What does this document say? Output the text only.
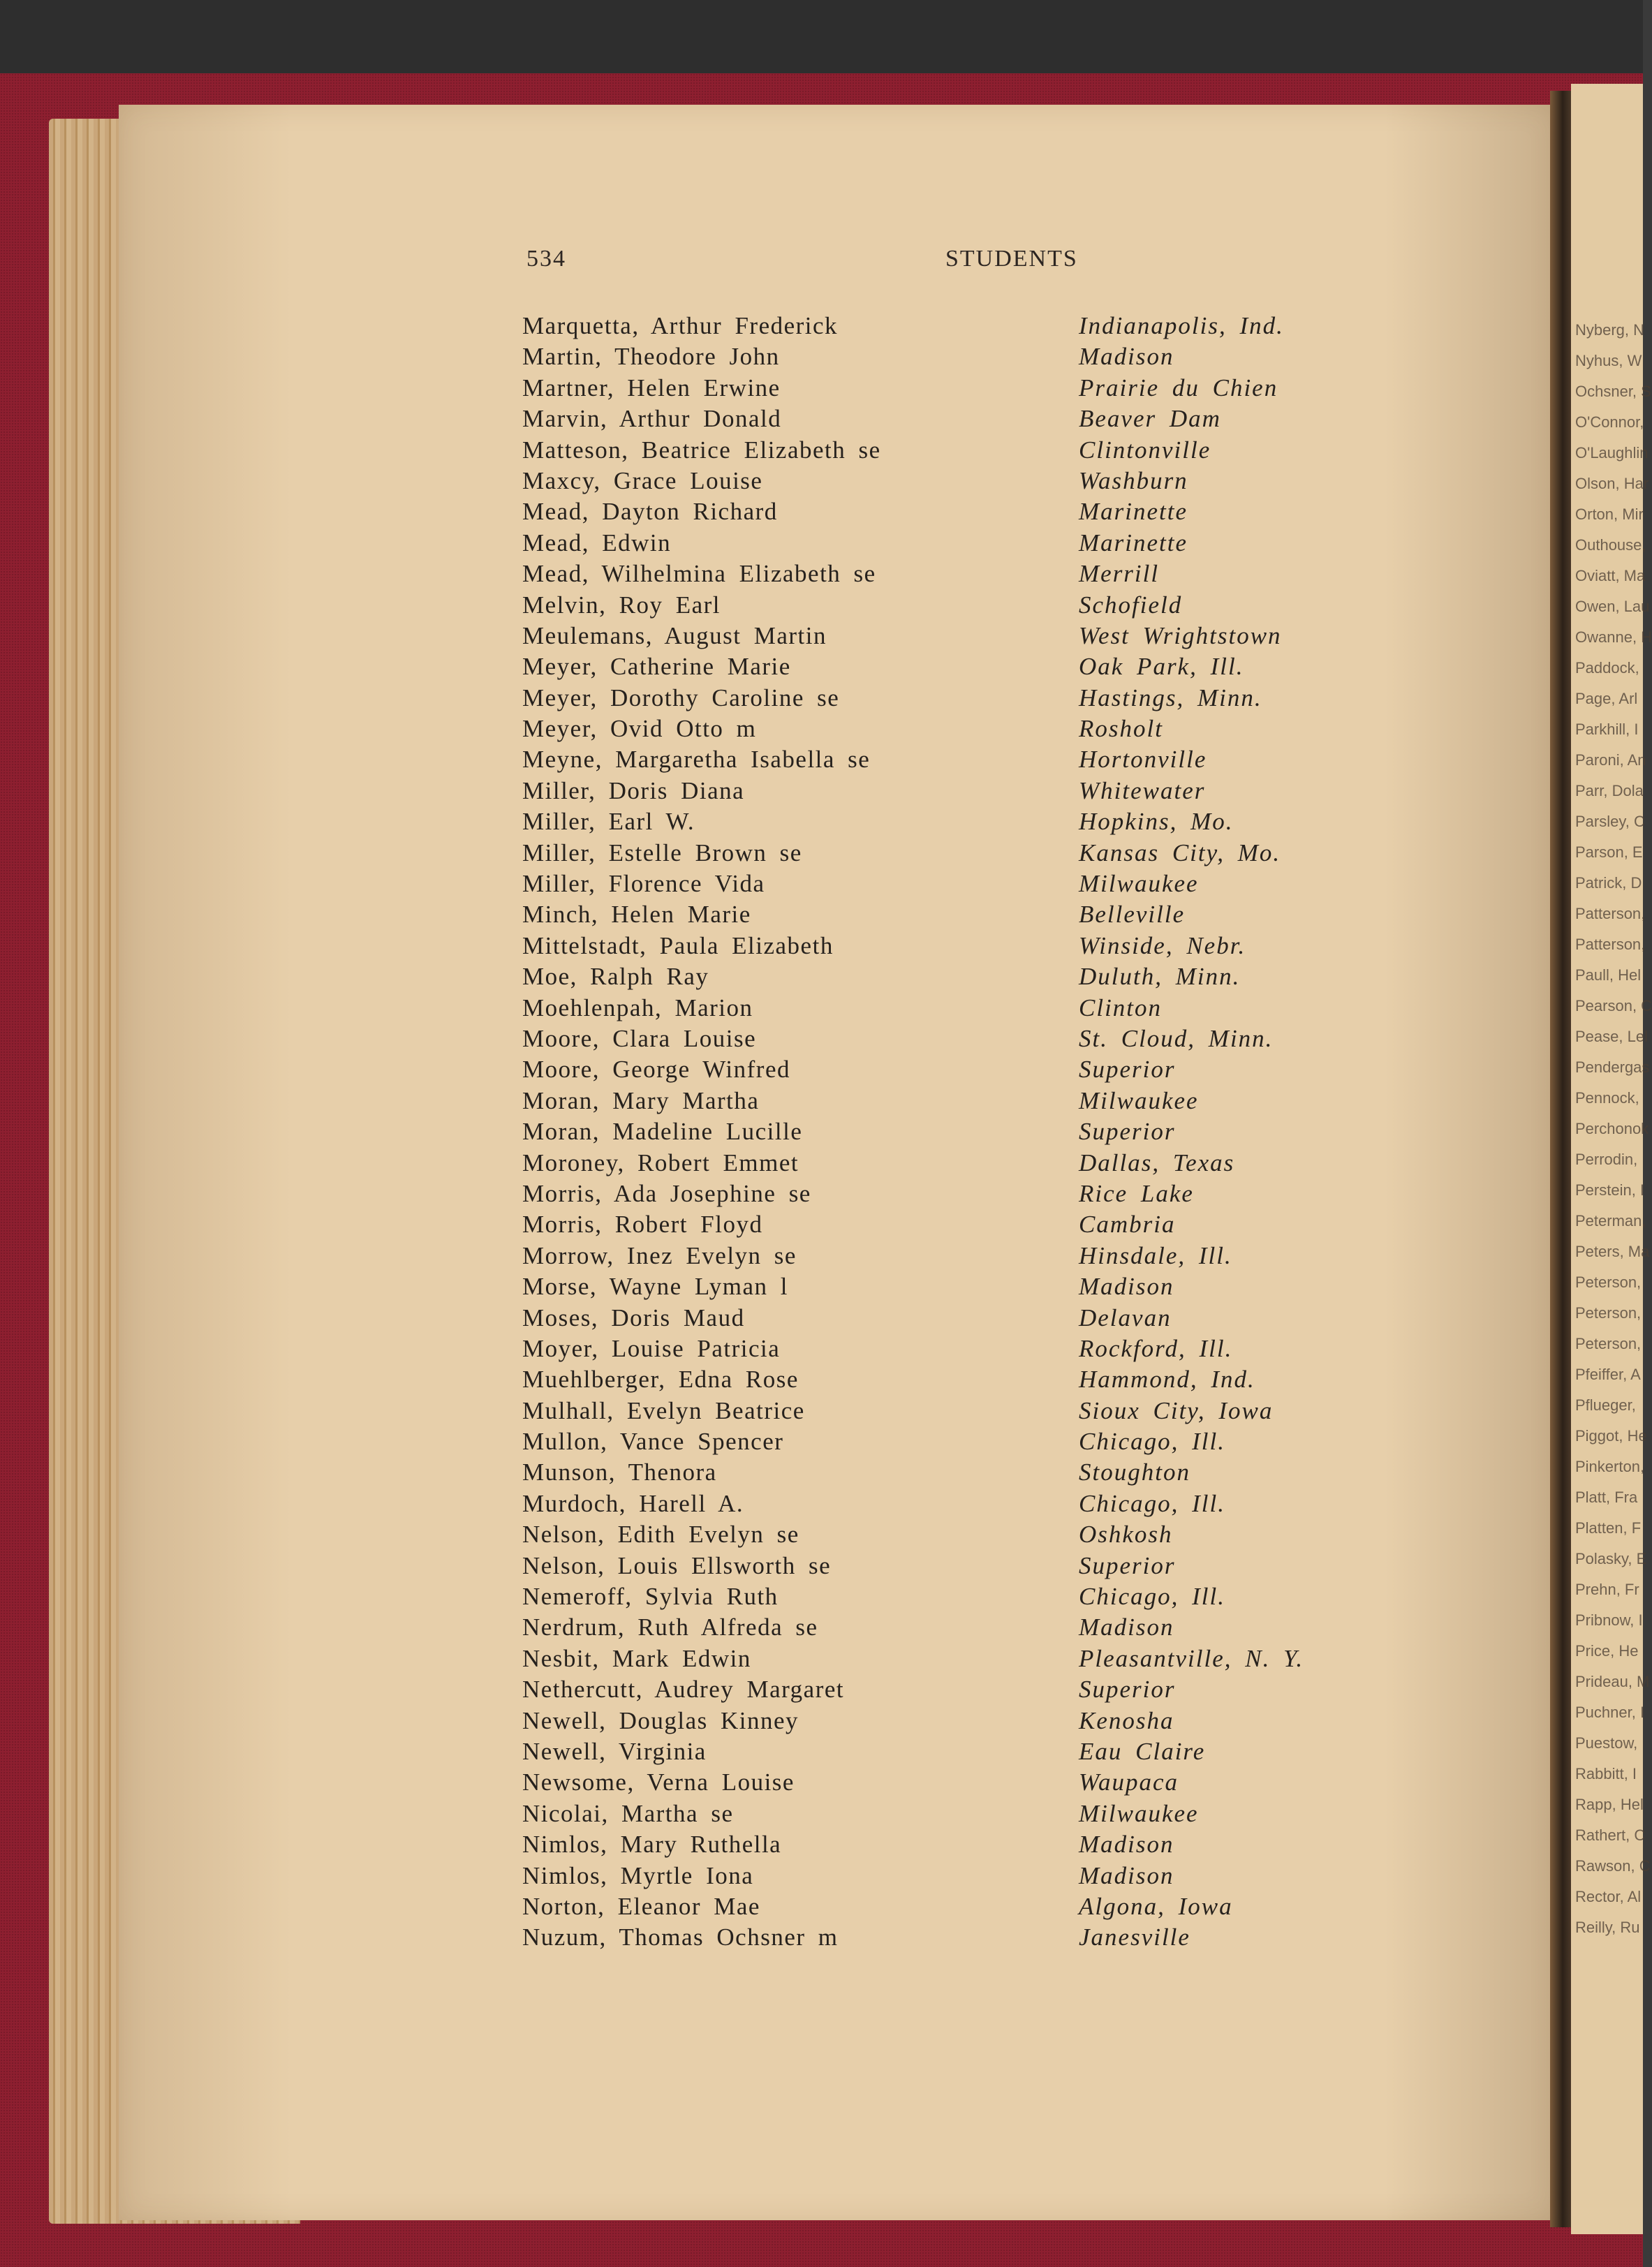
Nyberg, N
Nyhus, W
Ochsner, S
O'Connor,
O'Laughlin
Olson, Har
Orton, Mir
Outhouse,
Oviatt, Ma
Owen, Lau
Owanne, H
Paddock,
Page, Arl
Parkhill, I
Paroni, An
Parr, Dola
Parsley, C
Parson, E
Patrick, D
Patterson,
Patterson,
Paull, Hel
Pearson, C
Pease, Lel
Pendergas
Pennock,
Perchonok
Perrodin,
Perstein, I
Peterman,
Peters, Ma
Peterson,
Peterson,
Peterson,
Pfeiffer, A
Pflueger,
Piggot, He
Pinkerton,
Platt, Fra
Platten, F
Polasky, E
Prehn, Fr
Pribnow, I
Price, He
Prideau, M
Puchner, I
Puestow,
Rabbitt, I
Rapp, Hel
Rathert, C
Rawson, C
Rector, Al
Reilly, Ru
534	STUDENTS
Marquetta, Arthur Frederick	Indianapolis, Ind.
Martin, Theodore John	Madison
Martner, Helen Erwine	Prairie du Chien
Marvin, Arthur Donald	Beaver Dam
Matteson, Beatrice Elizabeth se	Clintonville
Maxcy, Grace Louise	Washburn
Mead, Dayton Richard	Marinette
Mead, Edwin	Marinette
Mead, Wilhelmina Elizabeth se	Merrill
Melvin, Roy Earl	Schofield
Meulemans, August Martin	West Wrightstown
Meyer, Catherine Marie	Oak Park, Ill.
Meyer, Dorothy Caroline se	Hastings, Minn.
Meyer, Ovid Otto m	Rosholt
Meyne, Margaretha Isabella se	Hortonville
Miller, Doris Diana	Whitewater
Miller, Earl W.	Hopkins, Mo.
Miller, Estelle Brown se	Kansas City, Mo.
Miller, Florence Vida	Milwaukee
Minch, Helen Marie	Belleville
Mittelstadt, Paula Elizabeth	Winside, Nebr.
Moe, Ralph Ray	Duluth, Minn.
Moehlenpah, Marion	Clinton
Moore, Clara Louise	St. Cloud, Minn.
Moore, George Winfred	Superior
Moran, Mary Martha	Milwaukee
Moran, Madeline Lucille	Superior
Moroney, Robert Emmet	Dallas, Texas
Morris, Ada Josephine se	Rice Lake
Morris, Robert Floyd	Cambria
Morrow, Inez Evelyn se	Hinsdale, Ill.
Morse, Wayne Lyman l	Madison
Moses, Doris Maud	Delavan
Moyer, Louise Patricia	Rockford, Ill.
Muehlberger, Edna Rose	Hammond, Ind.
Mulhall, Evelyn Beatrice	Sioux City, Iowa
Mullon, Vance Spencer	Chicago, Ill.
Munson, Thenora	Stoughton
Murdoch, Harell A.	Chicago, Ill.
Nelson, Edith Evelyn se	Oshkosh
Nelson, Louis Ellsworth se	Superior
Nemeroff, Sylvia Ruth	Chicago, Ill.
Nerdrum, Ruth Alfreda se	Madison
Nesbit, Mark Edwin	Pleasantville, N. Y.
Nethercutt, Audrey Margaret	Superior
Newell, Douglas Kinney	Kenosha
Newell, Virginia	Eau Claire
Newsome, Verna Louise	Waupaca
Nicolai, Martha se	Milwaukee
Nimlos, Mary Ruthella	Madison
Nimlos, Myrtle Iona	Madison
Norton, Eleanor Mae	Algona, Iowa
Nuzum, Thomas Ochsner m	Janesville
